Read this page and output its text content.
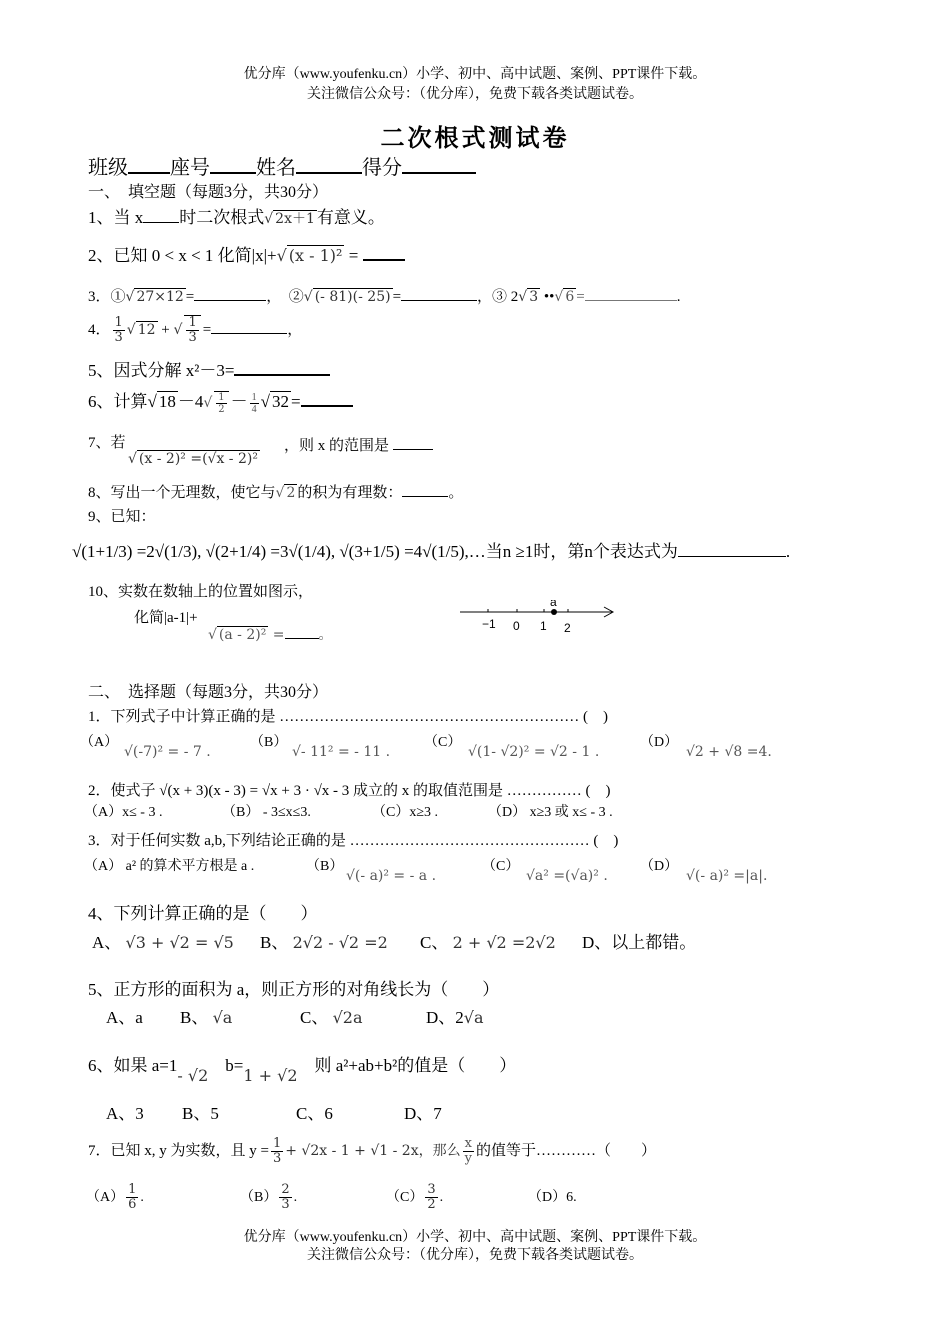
优分库（www.youfenku.cn）小学、初中、高中试题、案例、PPT课件下载。
关注微信公众号：（优分库），免费下载各类试题试卷。
二次根式测试卷
班级 座号 姓名	得分
一、　填空题（每题3分，共30分）
1、当 x 时二次根式 √ 2x＋1 有意义。
2、已知 0 < x < 1 化简|x|+ √ (x - 1)² =
3．① √ 27×12 =	，　② √ (- 81)(- 25) =	，③ 2 √ 3 •• √ 6 =	.
4． $\frac{1}{3}$ √ 12 + √ $\frac{1}{3}$ =	，
5、因式分解 x²－3=
6、计算 √ $18 -4√ \frac{1}{2} - \frac{1}{4}$ √ 32 =
7、若
√ (x - 2)² =(√x - 2)²
，则 x 的范围是
8、写出一个无理数，使它与 √ 2 的积为有理数：	。
9、已知：
√(1+1/3) =2√(1/3), √(2+1/4) =3√(1/4), √(3+1/5) =4√(1/5),…当n ≥1时，第n个表达式为	.
10、实数在数轴上的位置如图示，
化简|a-1|+
√ (a - 2)² = 。
−1 0 1 2
a
二、　选择题（每题3分，共30分）
1．下列式子中计算正确的是 …………………………………………………… (　)
（A）
√(-7)² = - 7 .
（B）
√- 11² = - 11 .
（C）
√(1- √2)² = √2 - 1 .
（D）
√2 + √8 =4.
2．使式子 √(x + 3)(x - 3) = √x + 3 · √x - 3 成立的 x 的取值范围是 …………… (　)
（A）x≤ - 3 .	（B） - 3≤x≤3.	（C）x≥3 .	（D） x≥3 或 x≤ - 3 .
3．对于任何实数 a,b,下列结论正确的是 ………………………………………… (　)
（A） a² 的算术平方根是 a .	（B）
√(- a)² = - a .
（C）
√a² =(√a)² .
（D）
√(- a)² =|a|.
4、下列计算正确的是（　　）
A、 √3 + √2 = √5 B、 2√2 - √2 =2 C、 2 + √2 =2√2 D、以上都错。
5、正方形的面积为 a，则正方形的对角线长为（　　）
A、a B、 √a	C、 √2a	D、2√a
6、如果 a=1- √2　b=1 + √2　则 a²+ab+b²的值是（　　）
A、3 B、5	C、6	D、7
7．已知 x, y 为实数，且 $y = \frac{1}{3} + √2x - 1 + √1 - 2x$，那么 $\frac{x}{y}$ 的值等于…………（　　）
$(A) \frac{1}{6}$ .	$(B) \frac{2}{3}$ .	$(C) \frac{3}{2}$ .	（D）6.
优分库（www.youfenku.cn）小学、初中、高中试题、案例、PPT课件下载。
关注微信公众号：（优分库），免费下载各类试题试卷。
